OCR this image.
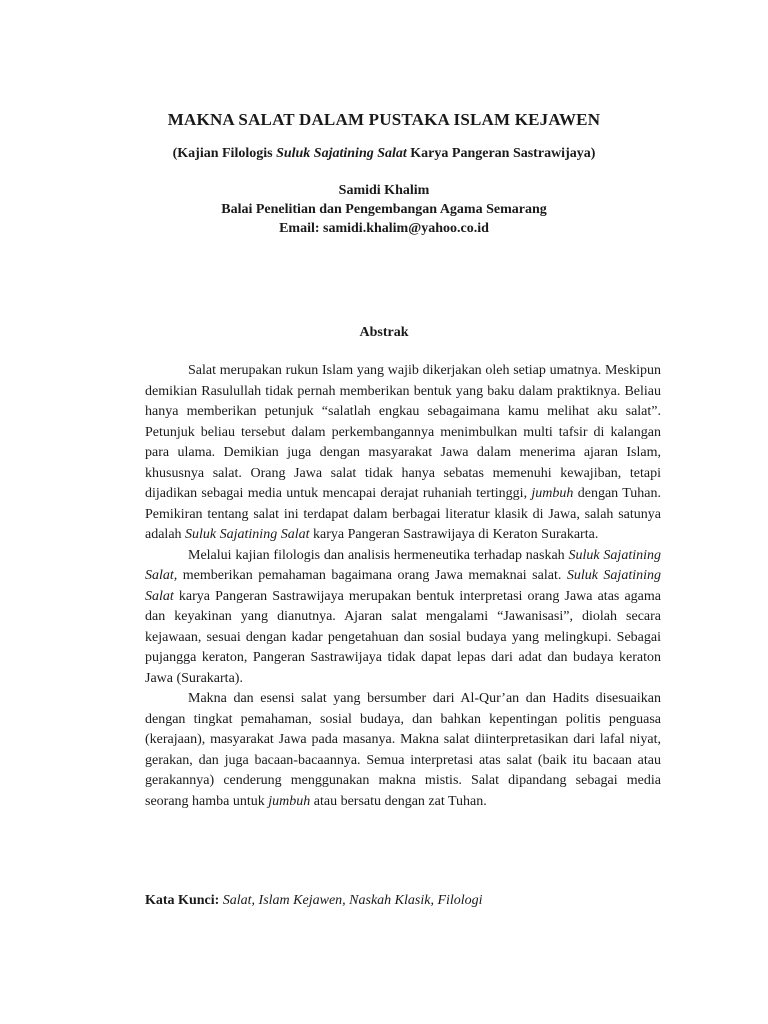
MAKNA SALAT DALAM PUSTAKA ISLAM KEJAWEN
(Kajian Filologis Suluk Sajatining Salat Karya Pangeran Sastrawijaya)
Samidi Khalim
Balai Penelitian dan Pengembangan Agama Semarang
Email: samidi.khalim@yahoo.co.id
Abstrak

Salat merupakan rukun Islam yang wajib dikerjakan oleh setiap umatnya. Meskipun demikian Rasulullah tidak pernah memberikan bentuk yang baku dalam praktiknya. Beliau hanya memberikan petunjuk “salatlah engkau sebagaimana kamu melihat aku salat”. Petunjuk beliau tersebut dalam perkembangannya menimbulkan multi tafsir di kalangan para ulama. Demikian juga dengan masyarakat Jawa dalam menerima ajaran Islam, khususnya salat. Orang Jawa salat tidak hanya sebatas memenuhi kewajiban, tetapi dijadikan sebagai media untuk mencapai derajat ruhaniah tertinggi, jumbuh dengan Tuhan. Pemikiran tentang salat ini terdapat dalam berbagai literatur klasik di Jawa, salah satunya adalah Suluk Sajatining Salat karya Pangeran Sastrawijaya di Keraton Surakarta.

Melalui kajian filologis dan analisis hermeneutika terhadap naskah Suluk Sajatining Salat, memberikan pemahaman bagaimana orang Jawa memaknai salat. Suluk Sajatining Salat karya Pangeran Sastrawijaya merupakan bentuk interpretasi orang Jawa atas agama dan keyakinan yang dianutnya. Ajaran salat mengalami “Jawanisasi”, diolah secara kejawaan, sesuai dengan kadar pengetahuan dan sosial budaya yang melingkupi. Sebagai pujangga keraton, Pangeran Sastrawijaya tidak dapat lepas dari adat dan budaya keraton Jawa (Surakarta).

Makna dan esensi salat yang bersumber dari Al-Qur’an dan Hadits disesuaikan dengan tingkat pemahaman, sosial budaya, dan bahkan kepentingan politis penguasa (kerajaan), masyarakat Jawa pada masanya. Makna salat diinterpretasikan dari lafal niyat, gerakan, dan juga bacaan-bacaannya. Semua interpretasi atas salat (baik itu bacaan atau gerakannya) cenderung menggunakan makna mistis. Salat dipandang sebagai media seorang hamba untuk jumbuh atau bersatu dengan zat Tuhan.

Kata Kunci: Salat, Islam Kejawen, Naskah Klasik, Filologi
